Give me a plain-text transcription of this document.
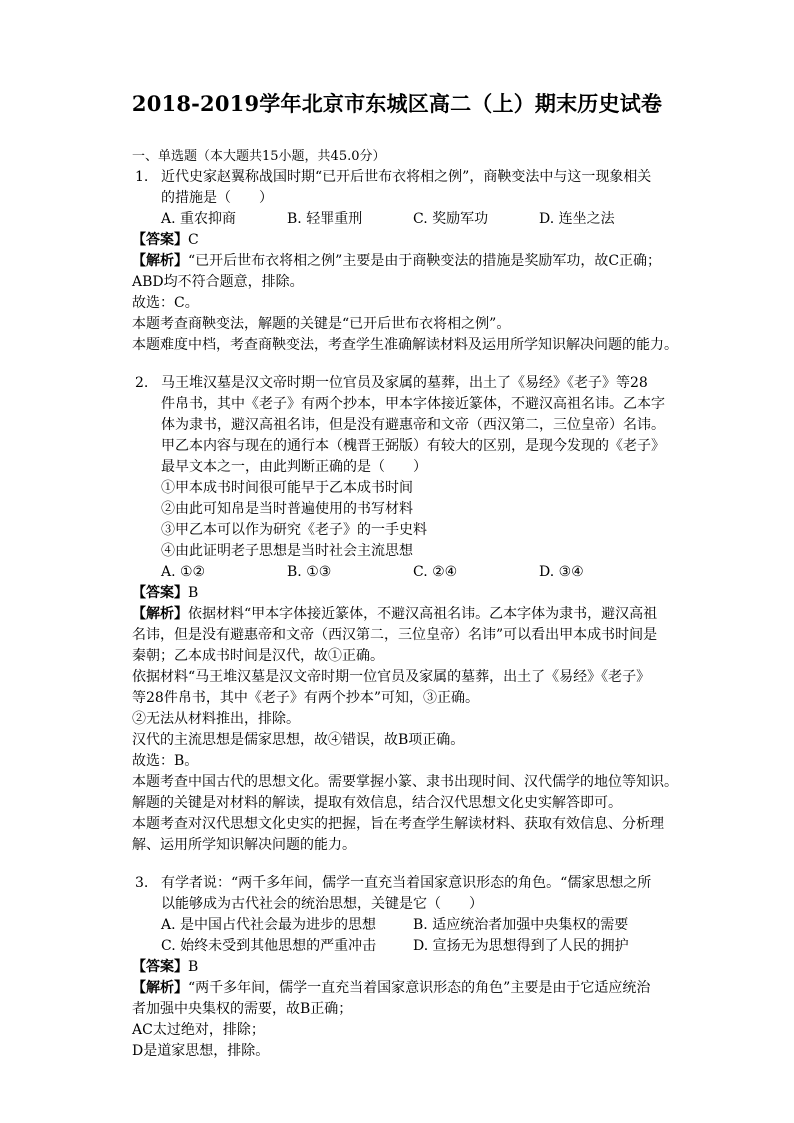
2018-2019学年北京市东城区高二（上）期末历史试卷
一、单选题（本大题共15小题，共45.0分）
1. 近代史家赵翼称战国时期“已开后世布衣将相之例”，商鞅变法中与这一现象相关
的措施是（　　）
A. 重农抑商	B. 轻罪重刑	C. 奖励军功	D. 连坐之法
【答案】C
【解析】“已开后世布衣将相之例”主要是由于商鞅变法的措施是奖励军功，故C正确；
ABD均不符合题意，排除。
故选：C。
本题考查商鞅变法，解题的关键是“已开后世布衣将相之例”。
本题难度中档，考查商鞅变法，考查学生准确解读材料及运用所学知识解决问题的能力。
2. 马王堆汉墓是汉文帝时期一位官员及家属的墓葬，出土了《易经》《老子》等28
件帛书，其中《老子》有两个抄本，甲本字体接近篆体，不避汉高祖名讳。乙本字
体为隶书，避汉高祖名讳，但是没有避惠帝和文帝（西汉第二，三位皇帝）名讳。
甲乙本内容与现在的通行本（槐晋王弼版）有较大的区别，是现今发现的《老子》
最早文本之一，由此判断正确的是（　　）
①甲本成书时间很可能早于乙本成书时间
②由此可知帛是当时普遍使用的书写材料
③甲乙本可以作为研究《老子》的一手史料
④由此证明老子思想是当时社会主流思想
A. ①②	B. ①③	C. ②④	D. ③④
【答案】B
【解析】依据材料“甲本字体接近篆体，不避汉高祖名讳。乙本字体为隶书，避汉高祖
名讳，但是没有避惠帝和文帝（西汉第二，三位皇帝）名讳”可以看出甲本成书时间是
秦朝；乙本成书时间是汉代，故①正确。
依据材料“马王堆汉墓是汉文帝时期一位官员及家属的墓葬，出土了《易经》《老子》
等28件帛书，其中《老子》有两个抄本”可知，③正确。
②无法从材料推出，排除。
汉代的主流思想是儒家思想，故④错误，故B项正确。
故选：B。
本题考查中国古代的思想文化。需要掌握小篆、隶书出现时间、汉代儒学的地位等知识。
解题的关键是对材料的解读，提取有效信息，结合汉代思想文化史实解答即可。
本题考查对汉代思想文化史实的把握，旨在考查学生解读材料、获取有效信息、分析理
解、运用所学知识解决问题的能力。
3. 有学者说：“两千多年间，儒学一直充当着国家意识形态的角色。“儒家思想之所
以能够成为古代社会的统治思想，关键是它（　　）
A. 是中国占代社会最为进步的思想	B. 适应统治者加强中央集权的需要
C. 始终未受到其他思想的严重冲击	D. 宣扬无为思想得到了人民的拥护
【答案】B
【解析】“两千多年间，儒学一直充当着国家意识形态的角色”主要是由于它适应统治
者加强中央集权的需要，故B正确；
AC太过绝对，排除；
D是道家思想，排除。
